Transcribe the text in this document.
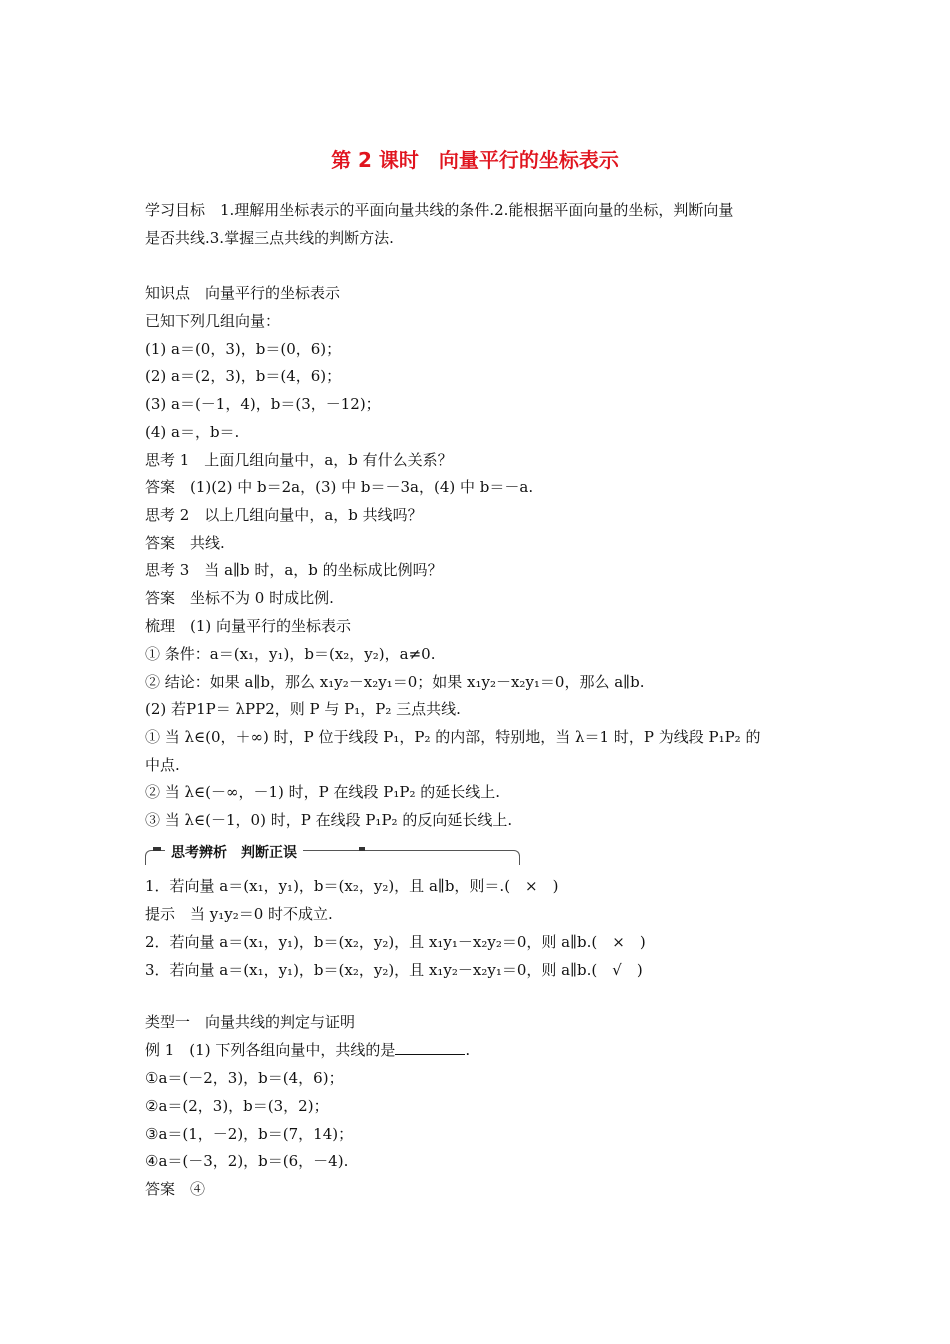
第 2 课时　向量平行的坐标表示
学习目标　1.理解用坐标表示的平面向量共线的条件.2.能根据平面向量的坐标，判断向量
是否共线.3.掌握三点共线的判断方法.
知识点　向量平行的坐标表示
已知下列几组向量：
(1) a＝(0，3)，b＝(0，6)；
(2) a＝(2，3)，b＝(4，6)；
(3) a＝(－1，4)，b＝(3，－12)；
(4) a＝，b＝.
思考 1　上面几组向量中，a，b 有什么关系？
答案　(1)(2) 中 b＝2a，(3) 中 b＝－3a，(4) 中 b＝－a.
思考 2　以上几组向量中，a，b 共线吗？
答案　共线.
思考 3　当 a∥b 时，a，b 的坐标成比例吗？
答案　坐标不为 0 时成比例.
梳理　(1) 向量平行的坐标表示
① 条件：a＝(x₁，y₁)，b＝(x₂，y₂)，a≠0.
② 结论：如果 a∥b，那么 x₁y₂－x₂y₁＝0；如果 x₁y₂－x₂y₁＝0，那么 a∥b.
(2) 若P1P＝ λPP2，则 P 与 P₁，P₂ 三点共线.
① 当 λ∈(0，＋∞) 时，P 位于线段 P₁，P₂ 的内部，特别地，当 λ＝1 时，P 为线段 P₁P₂ 的
中点.
② 当 λ∈(－∞，－1) 时，P 在线段 P₁P₂ 的延长线上.
③ 当 λ∈(－1，0) 时，P 在线段 P₁P₂ 的反向延长线上.
思考辨析　判断正误
1．若向量 a＝(x₁，y₁)，b＝(x₂，y₂)，且 a∥b，则＝.(　×　)
提示　当 y₁y₂＝0 时不成立.
2．若向量 a＝(x₁，y₁)，b＝(x₂，y₂)，且 x₁y₁－x₂y₂＝0，则 a∥b.(　×　)
3．若向量 a＝(x₁，y₁)，b＝(x₂，y₂)，且 x₁y₂－x₂y₁＝0，则 a∥b.(　√　)
类型一　向量共线的判定与证明
例 1　(1) 下列各组向量中，共线的是	.
①a＝(－2，3)，b＝(4，6)；
②a＝(2，3)，b＝(3，2)；
③a＝(1，－2)，b＝(7，14)；
④a＝(－3，2)，b＝(6，－4).
答案　④
